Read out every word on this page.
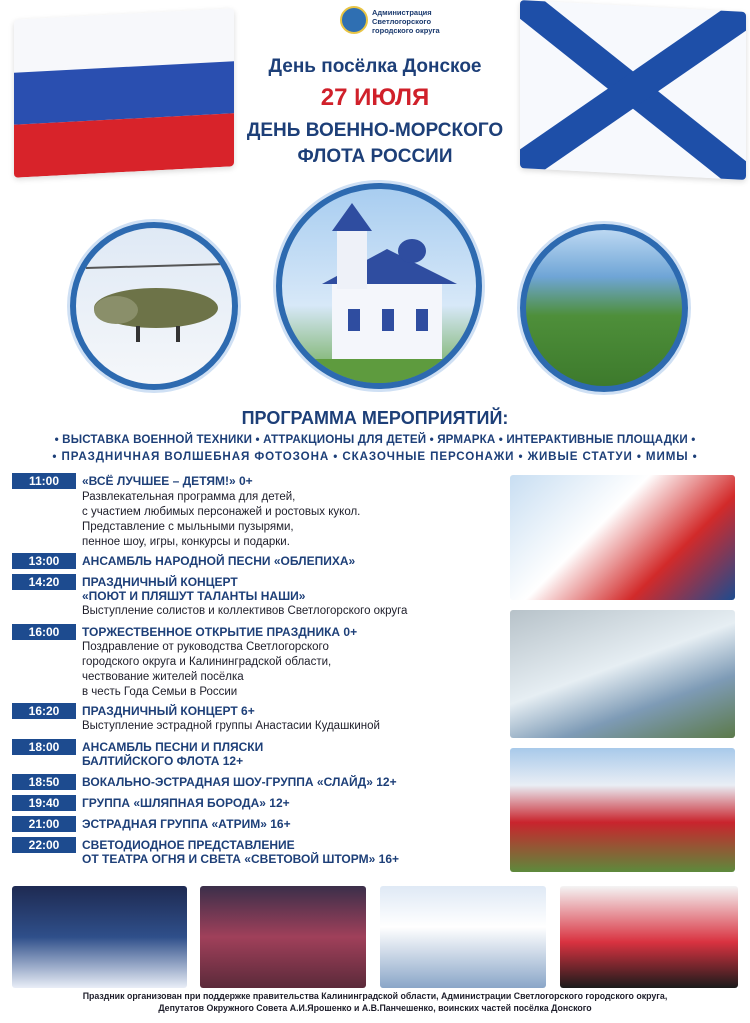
Администрация Светлогорского городского округа
День посёлка Донское
27 ИЮЛЯ
ДЕНЬ ВОЕННО-МОРСКОГО
ФЛОТА РОССИИ
ПРОГРАММА МЕРОПРИЯТИЙ:
• ВЫСТАВКА ВОЕННОЙ ТЕХНИКИ • АТТРАКЦИОНЫ ДЛЯ ДЕТЕЙ • ЯРМАРКА • ИНТЕРАКТИВНЫЕ ПЛОЩАДКИ •
• ПРАЗДНИЧНАЯ ВОЛШЕБНАЯ ФОТОЗОНА • СКАЗОЧНЫЕ ПЕРСОНАЖИ • ЖИВЫЕ СТАТУИ • МИМЫ •
11:00	«ВСЁ ЛУЧШЕЕ – ДЕТЯМ!» 0+
Развлекательная программа для детей,
с участием любимых персонажей и ростовых кукол.
Представление с мыльными пузырями,
пенное шоу, игры, конкурсы и подарки.
13:00	АНСАМБЛЬ НАРОДНОЙ ПЕСНИ «ОБЛЕПИХА»
14:20	ПРАЗДНИЧНЫЙ КОНЦЕРТ
«ПОЮТ И ПЛЯШУТ ТАЛАНТЫ НАШИ»
Выступление солистов и коллективов Светлогорского округа
16:00	ТОРЖЕСТВЕННОЕ ОТКРЫТИЕ ПРАЗДНИКА 0+
Поздравление от руководства Светлогорского
городского округа и Калининградской области,
чествование жителей посёлка
в честь Года Семьи в России
16:20	ПРАЗДНИЧНЫЙ КОНЦЕРТ 6+
Выступление эстрадной группы Анастасии Кудашкиной
18:00	АНСАМБЛЬ ПЕСНИ И ПЛЯСКИ
БАЛТИЙСКОГО ФЛОТА 12+
18:50	ВОКАЛЬНО-ЭСТРАДНАЯ ШОУ-ГРУППА «СЛАЙД» 12+
19:40	ГРУППА «ШЛЯПНАЯ БОРОДА» 12+
21:00	ЭСТРАДНАЯ ГРУППА «АТРИМ» 16+
22:00	СВЕТОДИОДНОЕ ПРЕДСТАВЛЕНИЕ
ОТ ТЕАТРА ОГНЯ И СВЕТА «СВЕТОВОЙ ШТОРМ» 16+
Праздник организован при поддержке правительства Калининградской области, Администрации Светлогорского городского округа,
Депутатов Окружного Совета А.И.Ярошенко и А.В.Панчешенко, воинских частей посёлка Донского
